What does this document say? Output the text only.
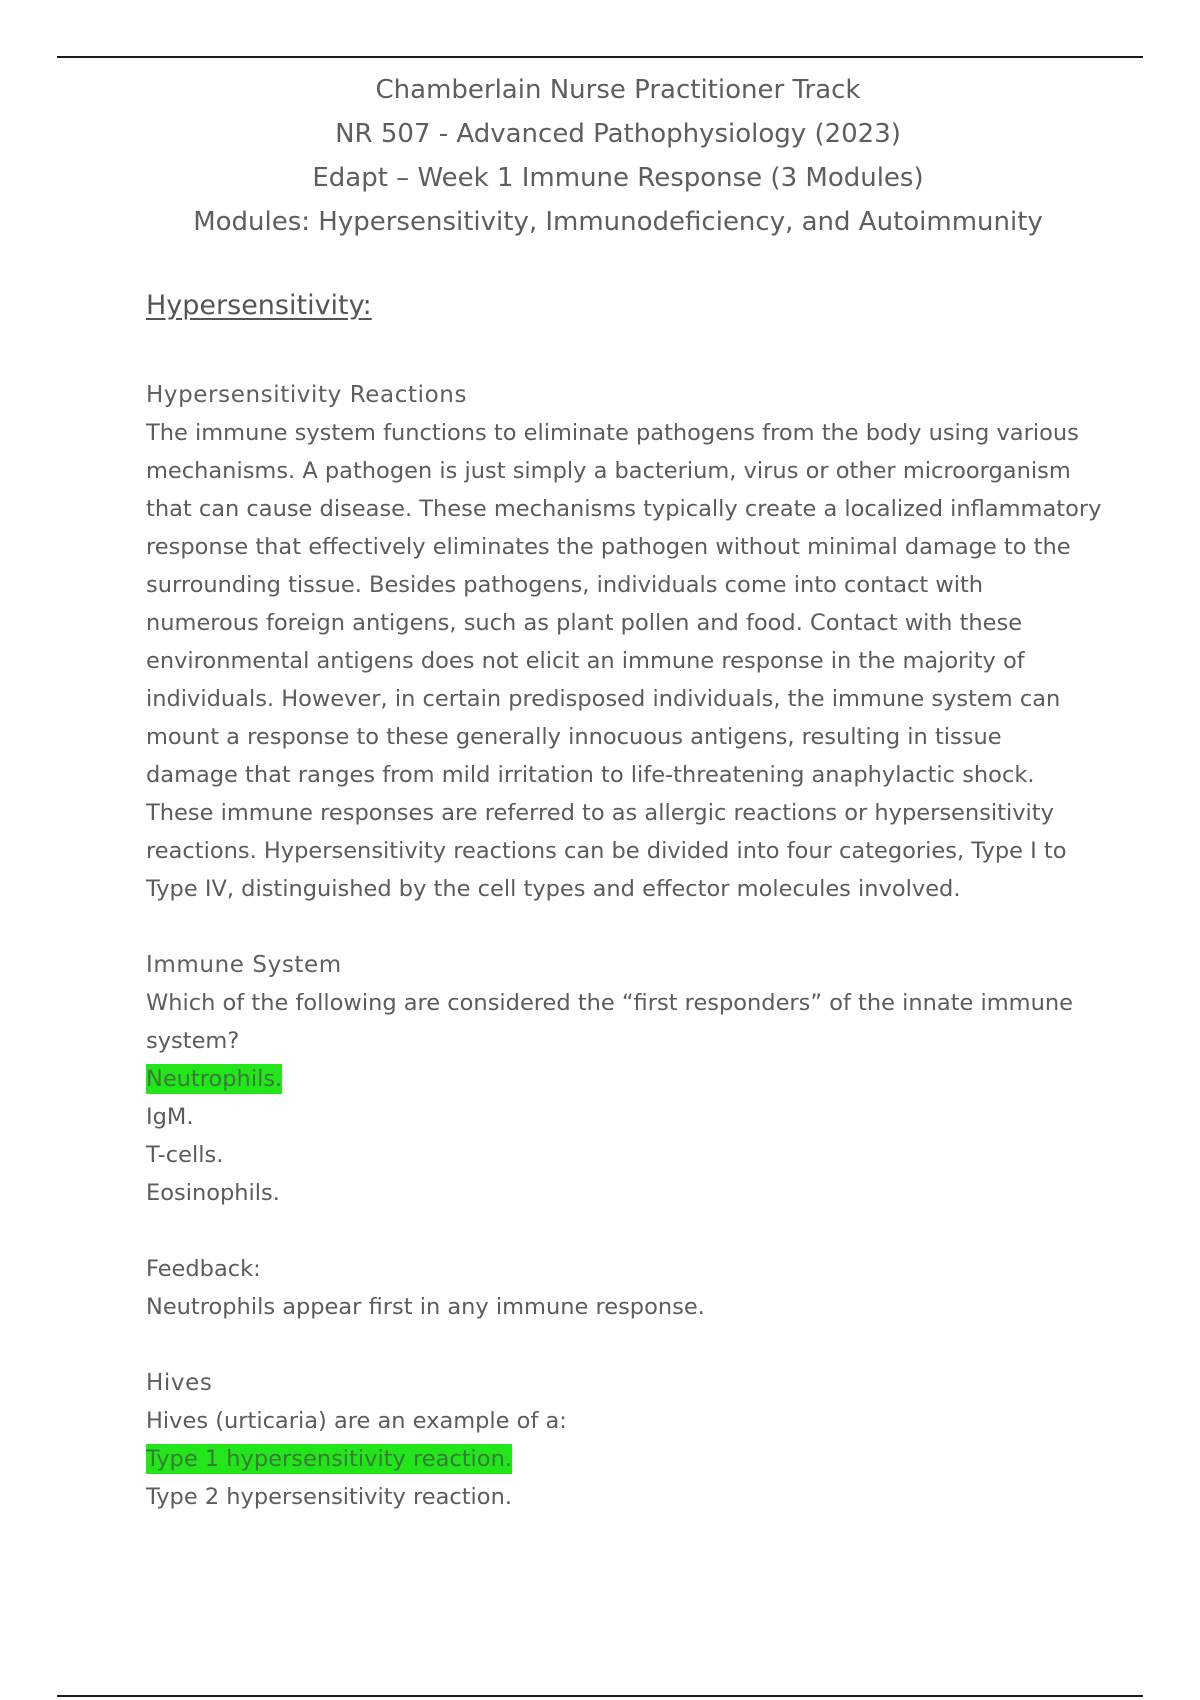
Chamberlain Nurse Practitioner Track
NR 507 - Advanced Pathophysiology (2023)
Edapt – Week 1 Immune Response (3 Modules)
Modules: Hypersensitivity, Immunodeficiency, and Autoimmunity
Hypersensitivity:
Hypersensitivity Reactions
The immune system functions to eliminate pathogens from the body using various
mechanisms. A pathogen is just simply a bacterium, virus or other microorganism
that can cause disease. These mechanisms typically create a localized inflammatory
response that effectively eliminates the pathogen without minimal damage to the
surrounding tissue. Besides pathogens, individuals come into contact with
numerous foreign antigens, such as plant pollen and food. Contact with these
environmental antigens does not elicit an immune response in the majority of
individuals. However, in certain predisposed individuals, the immune system can
mount a response to these generally innocuous antigens, resulting in tissue
damage that ranges from mild irritation to life-threatening anaphylactic shock.
These immune responses are referred to as allergic reactions or hypersensitivity
reactions. Hypersensitivity reactions can be divided into four categories, Type I to
Type IV, distinguished by the cell types and effector molecules involved.
Immune System
Which of the following are considered the “first responders” of the innate immune
system?
Neutrophils.
IgM.
T-cells.
Eosinophils.
Feedback:
Neutrophils appear first in any immune response.
Hives
Hives (urticaria) are an example of a:
Type 1 hypersensitivity reaction.
Type 2 hypersensitivity reaction.
